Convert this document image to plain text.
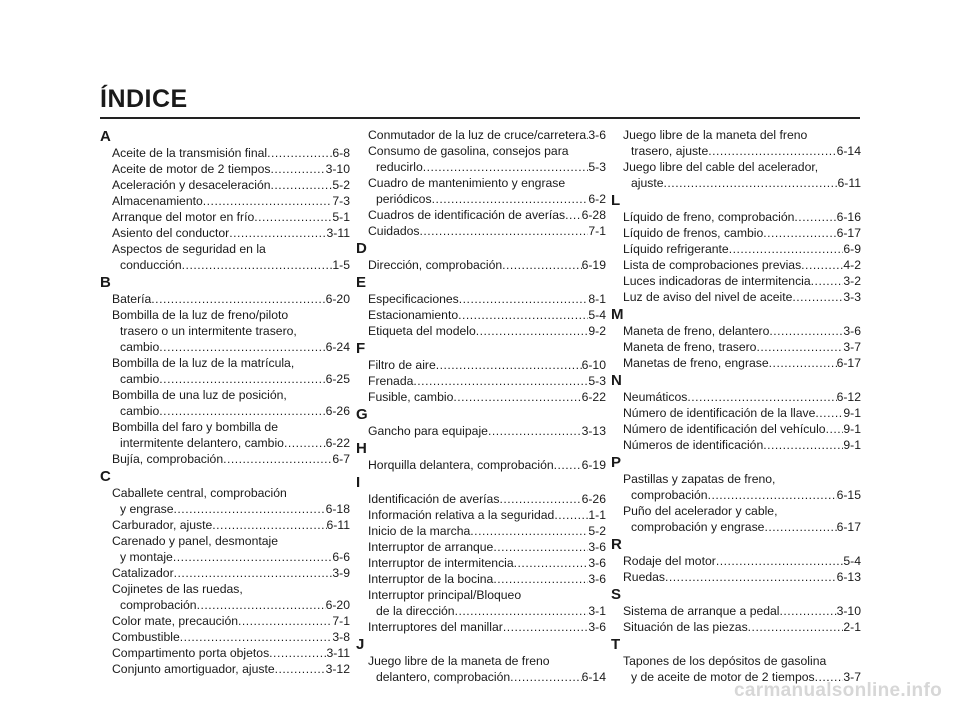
ÍNDICE
A
Aceite de la transmisión final .....	6-8
Aceite de motor de 2 tiempos .....	3-10
Aceleración y desaceleración .....	5-2
Almacenamiento .....	7-3
Arranque del motor en frío .....	5-1
Asiento del conductor .....	3-11
Aspectos de seguridad en la
conducción .....	1-5
B
Batería .....	6-20
Bombilla de la luz de freno/piloto
trasero o un intermitente trasero,
cambio .....	6-24
Bombilla de la luz de la matrícula,
cambio .....	6-25
Bombilla de una luz de posición,
cambio .....	6-26
Bombilla del faro y bombilla de
intermitente delantero, cambio .....	6-22
Bujía, comprobación .....	6-7
C
Caballete central, comprobación
y engrase .....	6-18
Carburador, ajuste .....	6-11
Carenado y panel, desmontaje
y montaje .....	6-6
Catalizador .....	3-9
Cojinetes de las ruedas,
comprobación .....	6-20
Color mate, precaución .....	7-1
Combustible .....	3-8
Compartimento porta objetos .....	3-11
Conjunto amortiguador, ajuste .....	3-12
Conmutador de la luz de cruce/carretera ..... 3-6
Consumo de gasolina, consejos para
reducirlo .....	5-3
Cuadro de mantenimiento y engrase
periódicos .....	6-2
Cuadros de identificación de averías ..... 6-28
Cuidados .....	7-1
D
Dirección, comprobación .....	6-19
E
Especificaciones .....	8-1
Estacionamiento .....	5-4
Etiqueta del modelo .....	9-2
F
Filtro de aire .....	6-10
Frenada .....	5-3
Fusible, cambio .....	6-22
G
Gancho para equipaje .....	3-13
H
Horquilla delantera, comprobación ..... 6-19
I
Identificación de averías .....	6-26
Información relativa a la seguridad .....	1-1
Inicio de la marcha .....	5-2
Interruptor de arranque .....	3-6
Interruptor de intermitencia .....	3-6
Interruptor de la bocina .....	3-6
Interruptor principal/Bloqueo
de la dirección .....	3-1
Interruptores del manillar .....	3-6
J
Juego libre de la maneta de freno
delantero, comprobación .....	6-14
Juego libre de la maneta del freno
trasero, ajuste .....	6-14
Juego libre del cable del acelerador,
ajuste .....	6-11
L
Líquido de freno, comprobación .....	6-16
Líquido de frenos, cambio .....	6-17
Líquido refrigerante .....	6-9
Lista de comprobaciones previas .....	4-2
Luces indicadoras de intermitencia .....	3-2
Luz de aviso del nivel de aceite .....	3-3
M
Maneta de freno, delantero .....	3-6
Maneta de freno, trasero .....	3-7
Manetas de freno, engrase .....	6-17
N
Neumáticos .....	6-12
Número de identificación de la llave ..... 9-1
Número de identificación del vehículo ..... 9-1
Números de identificación .....	9-1
P
Pastillas y zapatas de freno,
comprobación .....	6-15
Puño del acelerador y cable,
comprobación y engrase .....	6-17
R
Rodaje del motor .....	5-4
Ruedas .....	6-13
S
Sistema de arranque a pedal .....	3-10
Situación de las piezas .....	2-1
T
Tapones de los depósitos de gasolina
y de aceite de motor de 2 tiempos ..... 3-7
carmanualsonline.info
